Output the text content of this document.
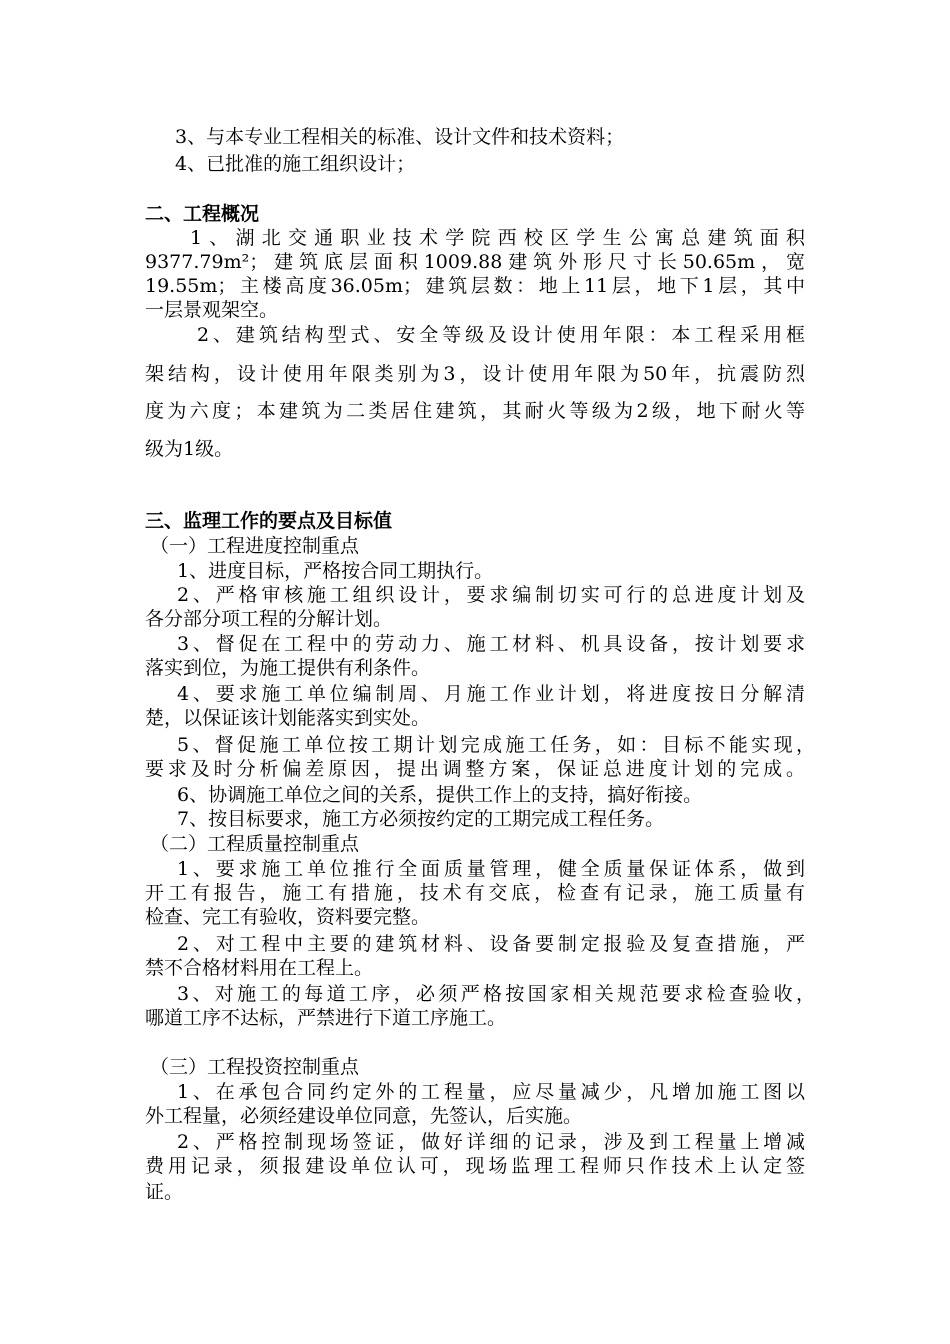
3、与本专业工程相关的标准、设计文件和技术资料；

4、已批准的施工组织设计；

二、工程概况

1、湖北交通职业技术学院西校区学生公寓总建筑面积

9377.79m²；建筑底层面积1009.88建筑外形尺寸长50.65m，宽

19.55m；主楼高度36.05m；建筑层数：地上11层，地下1层，其中

一层景观架空。

2、建筑结构型式、安全等级及设计使用年限：本工程采用框

架结构，设计使用年限类别为3，设计使用年限为50年，抗震防烈

度为六度；本建筑为二类居住建筑，其耐火等级为2级，地下耐火等

级为1级。

三、监理工作的要点及目标值

（一）工程进度控制重点

1、进度目标，严格按合同工期执行。

2、严格审核施工组织设计，要求编制切实可行的总进度计划及

各分部分项工程的分解计划。

3、督促在工程中的劳动力、施工材料、机具设备，按计划要求

落实到位，为施工提供有利条件。

4、要求施工单位编制周、月施工作业计划，将进度按日分解清

楚，以保证该计划能落实到实处。

5、督促施工单位按工期计划完成施工任务，如：目标不能实现，

要求及时分析偏差原因，提出调整方案，保证总进度计划的完成。

6、协调施工单位之间的关系，提供工作上的支持，搞好衔接。

7、按目标要求，施工方必须按约定的工期完成工程任务。

（二）工程质量控制重点

1、要求施工单位推行全面质量管理，健全质量保证体系，做到

开工有报告，施工有措施，技术有交底，检查有记录，施工质量有

检查、完工有验收，资料要完整。

2、对工程中主要的建筑材料、设备要制定报验及复查措施，严

禁不合格材料用在工程上。

3、对施工的每道工序，必须严格按国家相关规范要求检查验收，

哪道工序不达标，严禁进行下道工序施工。

（三）工程投资控制重点

1、在承包合同约定外的工程量，应尽量减少，凡增加施工图以

外工程量，必须经建设单位同意，先签认，后实施。

2、严格控制现场签证，做好详细的记录，涉及到工程量上增减

费用记录，须报建设单位认可，现场监理工程师只作技术上认定签

证。
